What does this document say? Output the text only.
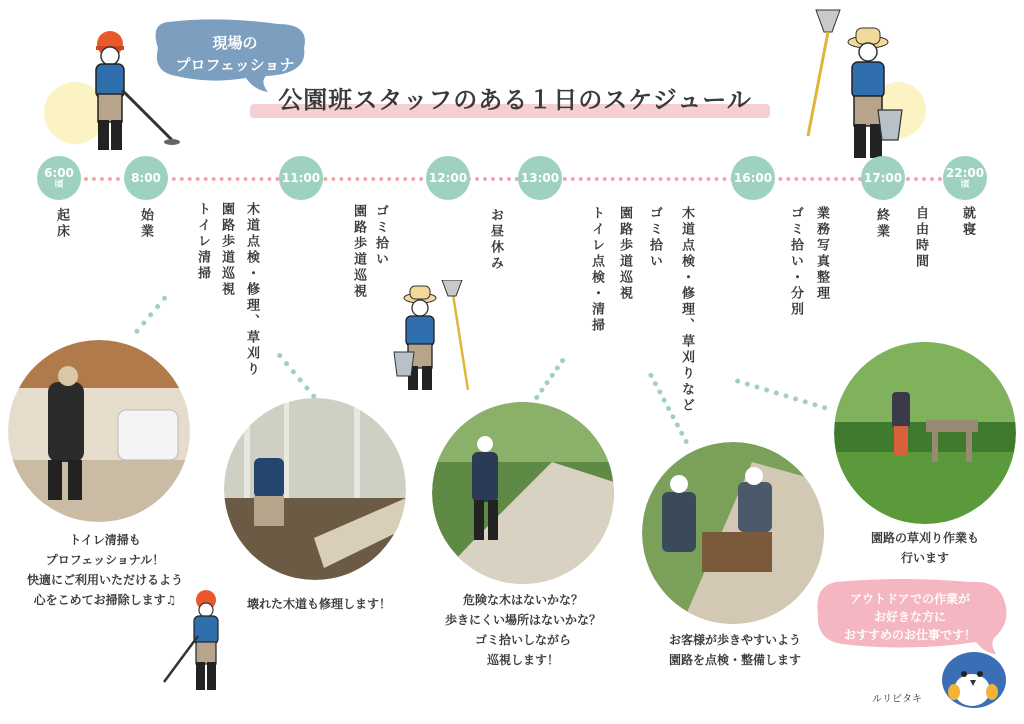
現場の
プロフェッショナル！	公園班スタッフのある１日のスケジュール
6:00
頃	8:00	11:00	12:00	13:00	16:00	17:00	22:00
頃
起床	始業	木道点検・修理、草刈り
園路歩道巡視
トイレ清掃	ゴミ拾い
園路歩道巡視	お昼休み	木道点検・修理、草刈りなど
ゴミ拾い
園路歩道巡視
トイレ点検・清掃	業務写真整理
ゴミ拾い・分別	自由時間
終業	就寝
トイレ清掃も
プロフェッショナル！
快適にご利用いただけるよう
心をこめてお掃除します♫	壊れた木道も修理します！	危険な木はないかな？
歩きにくい場所はないかな？
ゴミ拾いしながら
巡視します！
お客様が歩きやすいよう
園路を点検・整備します
園路の草刈り作業も
行います
アウトドアでの作業が
お好きな方に
おすすめのお仕事です！
ルリビタキ
